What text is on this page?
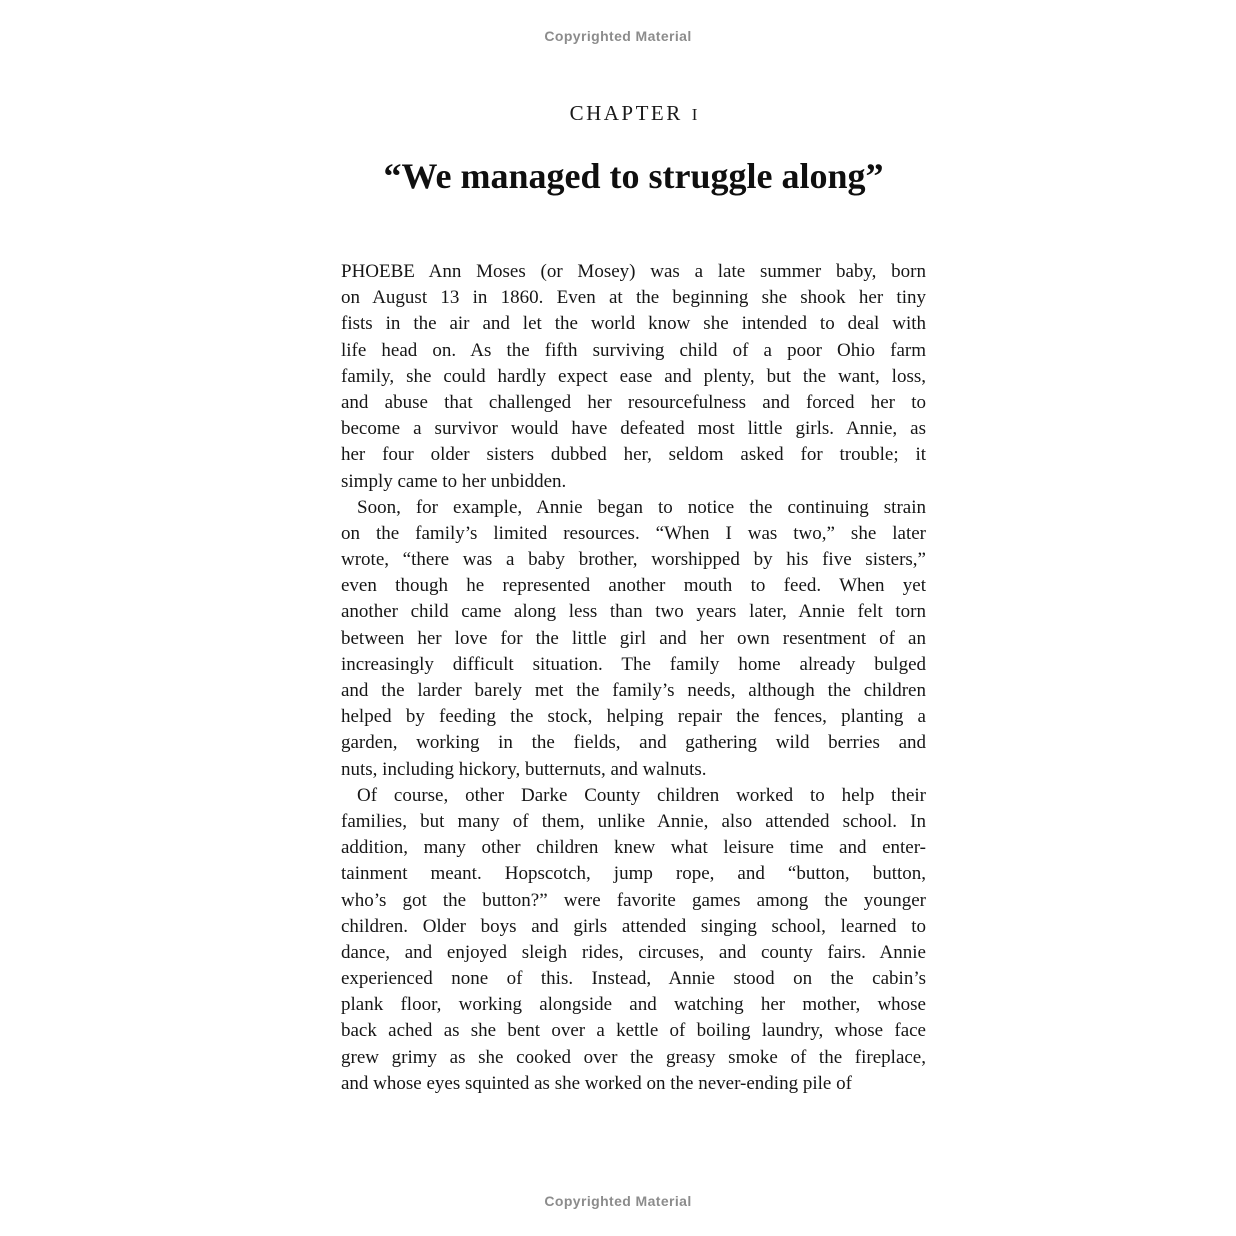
Copyrighted Material
CHAPTER I
“We managed to struggle along”
PHOEBE Ann Moses (or Mosey) was a late summer baby, born
on August 13 in 1860. Even at the beginning she shook her tiny
fists in the air and let the world know she intended to deal with
life head on. As the fifth surviving child of a poor Ohio farm
family, she could hardly expect ease and plenty, but the want, loss,
and abuse that challenged her resourcefulness and forced her to
become a survivor would have defeated most little girls. Annie, as
her four older sisters dubbed her, seldom asked for trouble; it
simply came to her unbidden.
Soon, for example, Annie began to notice the continuing strain
on the family’s limited resources. “When I was two,” she later
wrote, “there was a baby brother, worshipped by his five sisters,”
even though he represented another mouth to feed. When yet
another child came along less than two years later, Annie felt torn
between her love for the little girl and her own resentment of an
increasingly difficult situation. The family home already bulged
and the larder barely met the family’s needs, although the children
helped by feeding the stock, helping repair the fences, planting a
garden, working in the fields, and gathering wild berries and
nuts, including hickory, butternuts, and walnuts.
Of course, other Darke County children worked to help their
families, but many of them, unlike Annie, also attended school. In
addition, many other children knew what leisure time and enter-
tainment meant. Hopscotch, jump rope, and “button, button,
who’s got the button?” were favorite games among the younger
children. Older boys and girls attended singing school, learned to
dance, and enjoyed sleigh rides, circuses, and county fairs. Annie
experienced none of this. Instead, Annie stood on the cabin’s
plank floor, working alongside and watching her mother, whose
back ached as she bent over a kettle of boiling laundry, whose face
grew grimy as she cooked over the greasy smoke of the fireplace,
and whose eyes squinted as she worked on the never-ending pile of
Copyrighted Material
